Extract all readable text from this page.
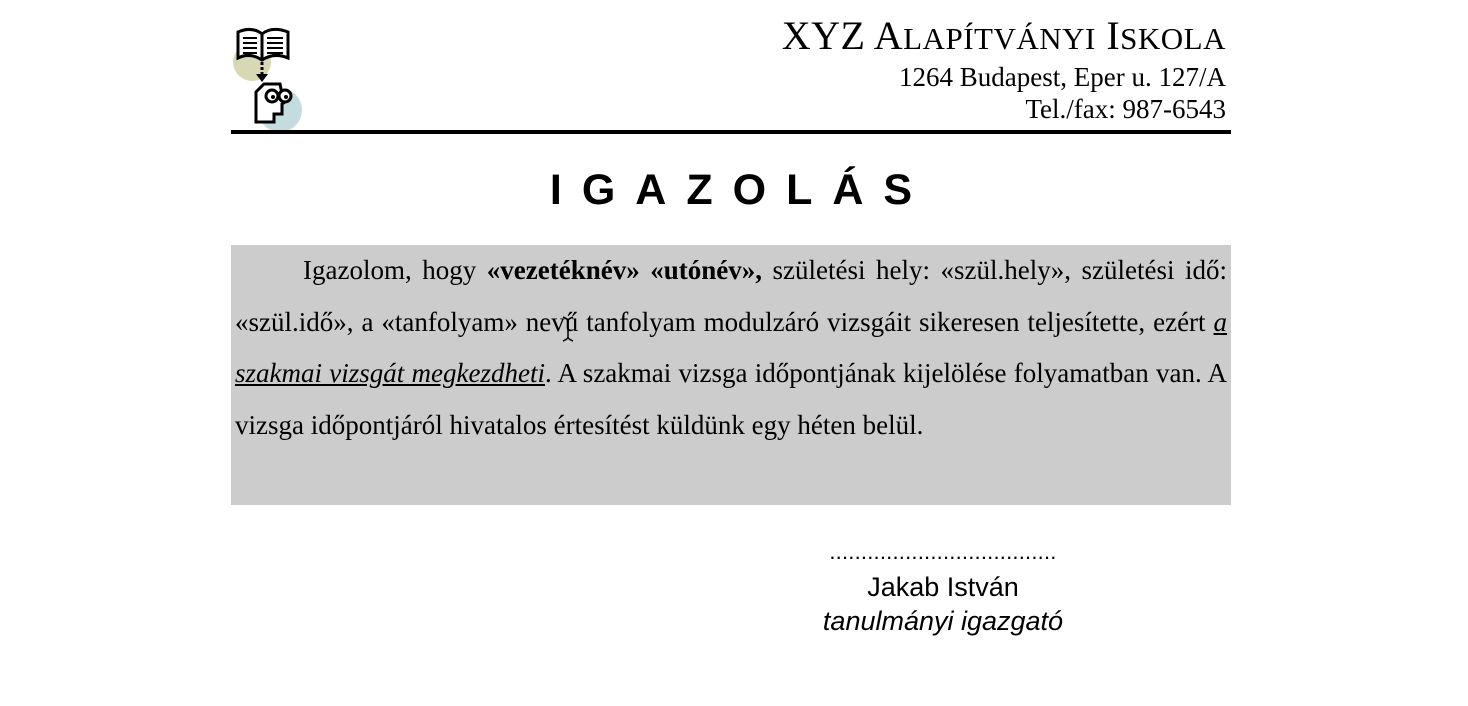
XYZ ALAPÍTVÁNYI ISKOLA
1264 Budapest, Eper u. 127/A
Tel./fax: 987-6543
IGAZOLÁS

Igazolom, hogy «vezetéknév» «utónév», születési hely: «szül.hely», születési idő: «szül.idő», a «tanfolyam» nevű tanfolyam modulzáró vizsgáit sikeresen teljesítette, ezért a szakmai vizsgát megkezdheti. A szakmai vizsga időpontjának kijelölése folyamatban van. A vizsga időpontjáról hivatalos értesítést küldünk egy héten belül.

....................................
Jakab István
tanulmányi igazgató
